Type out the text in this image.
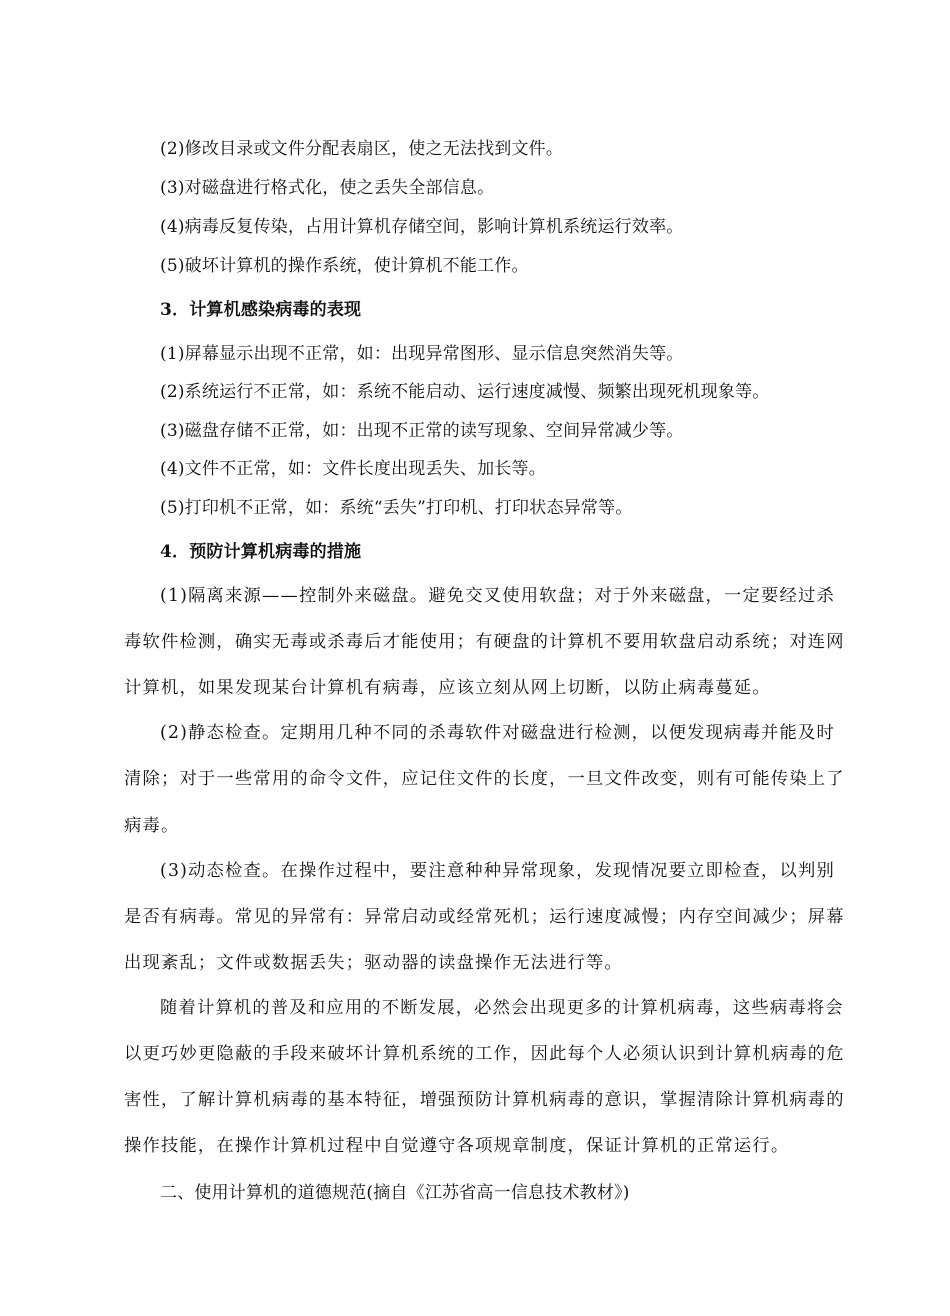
(2)修改目录或文件分配表扇区，使之无法找到文件。
(3)对磁盘进行格式化，使之丢失全部信息。
(4)病毒反复传染，占用计算机存储空间，影响计算机系统运行效率。
(5)破坏计算机的操作系统，使计算机不能工作。
3．计算机感染病毒的表现
(1)屏幕显示出现不正常，如：出现异常图形、显示信息突然消失等。
(2)系统运行不正常，如：系统不能启动、运行速度减慢、频繁出现死机现象等。
(3)磁盘存储不正常，如：出现不正常的读写现象、空间异常减少等。
(4)文件不正常，如：文件长度出现丢失、加长等。
(5)打印机不正常，如：系统“丢失”打印机、打印状态异常等。
4．预防计算机病毒的措施
(1)隔离来源——控制外来磁盘。避免交叉使用软盘；对于外来磁盘，一定要经过杀
毒软件检测，确实无毒或杀毒后才能使用；有硬盘的计算机不要用软盘启动系统；对连网
计算机，如果发现某台计算机有病毒，应该立刻从网上切断，以防止病毒蔓延。
(2)静态检查。定期用几种不同的杀毒软件对磁盘进行检测，以便发现病毒并能及时
清除；对于一些常用的命令文件，应记住文件的长度，一旦文件改变，则有可能传染上了
病毒。
(3)动态检查。在操作过程中，要注意种种异常现象，发现情况要立即检查，以判别
是否有病毒。常见的异常有：异常启动或经常死机；运行速度减慢；内存空间减少；屏幕
出现紊乱；文件或数据丢失；驱动器的读盘操作无法进行等。
随着计算机的普及和应用的不断发展，必然会出现更多的计算机病毒，这些病毒将会
以更巧妙更隐蔽的手段来破坏计算机系统的工作，因此每个人必须认识到计算机病毒的危
害性，了解计算机病毒的基本特征，增强预防计算机病毒的意识，掌握清除计算机病毒的
操作技能，在操作计算机过程中自觉遵守各项规章制度，保证计算机的正常运行。
二、使用计算机的道德规范(摘自《江苏省高一信息技术教材》)
